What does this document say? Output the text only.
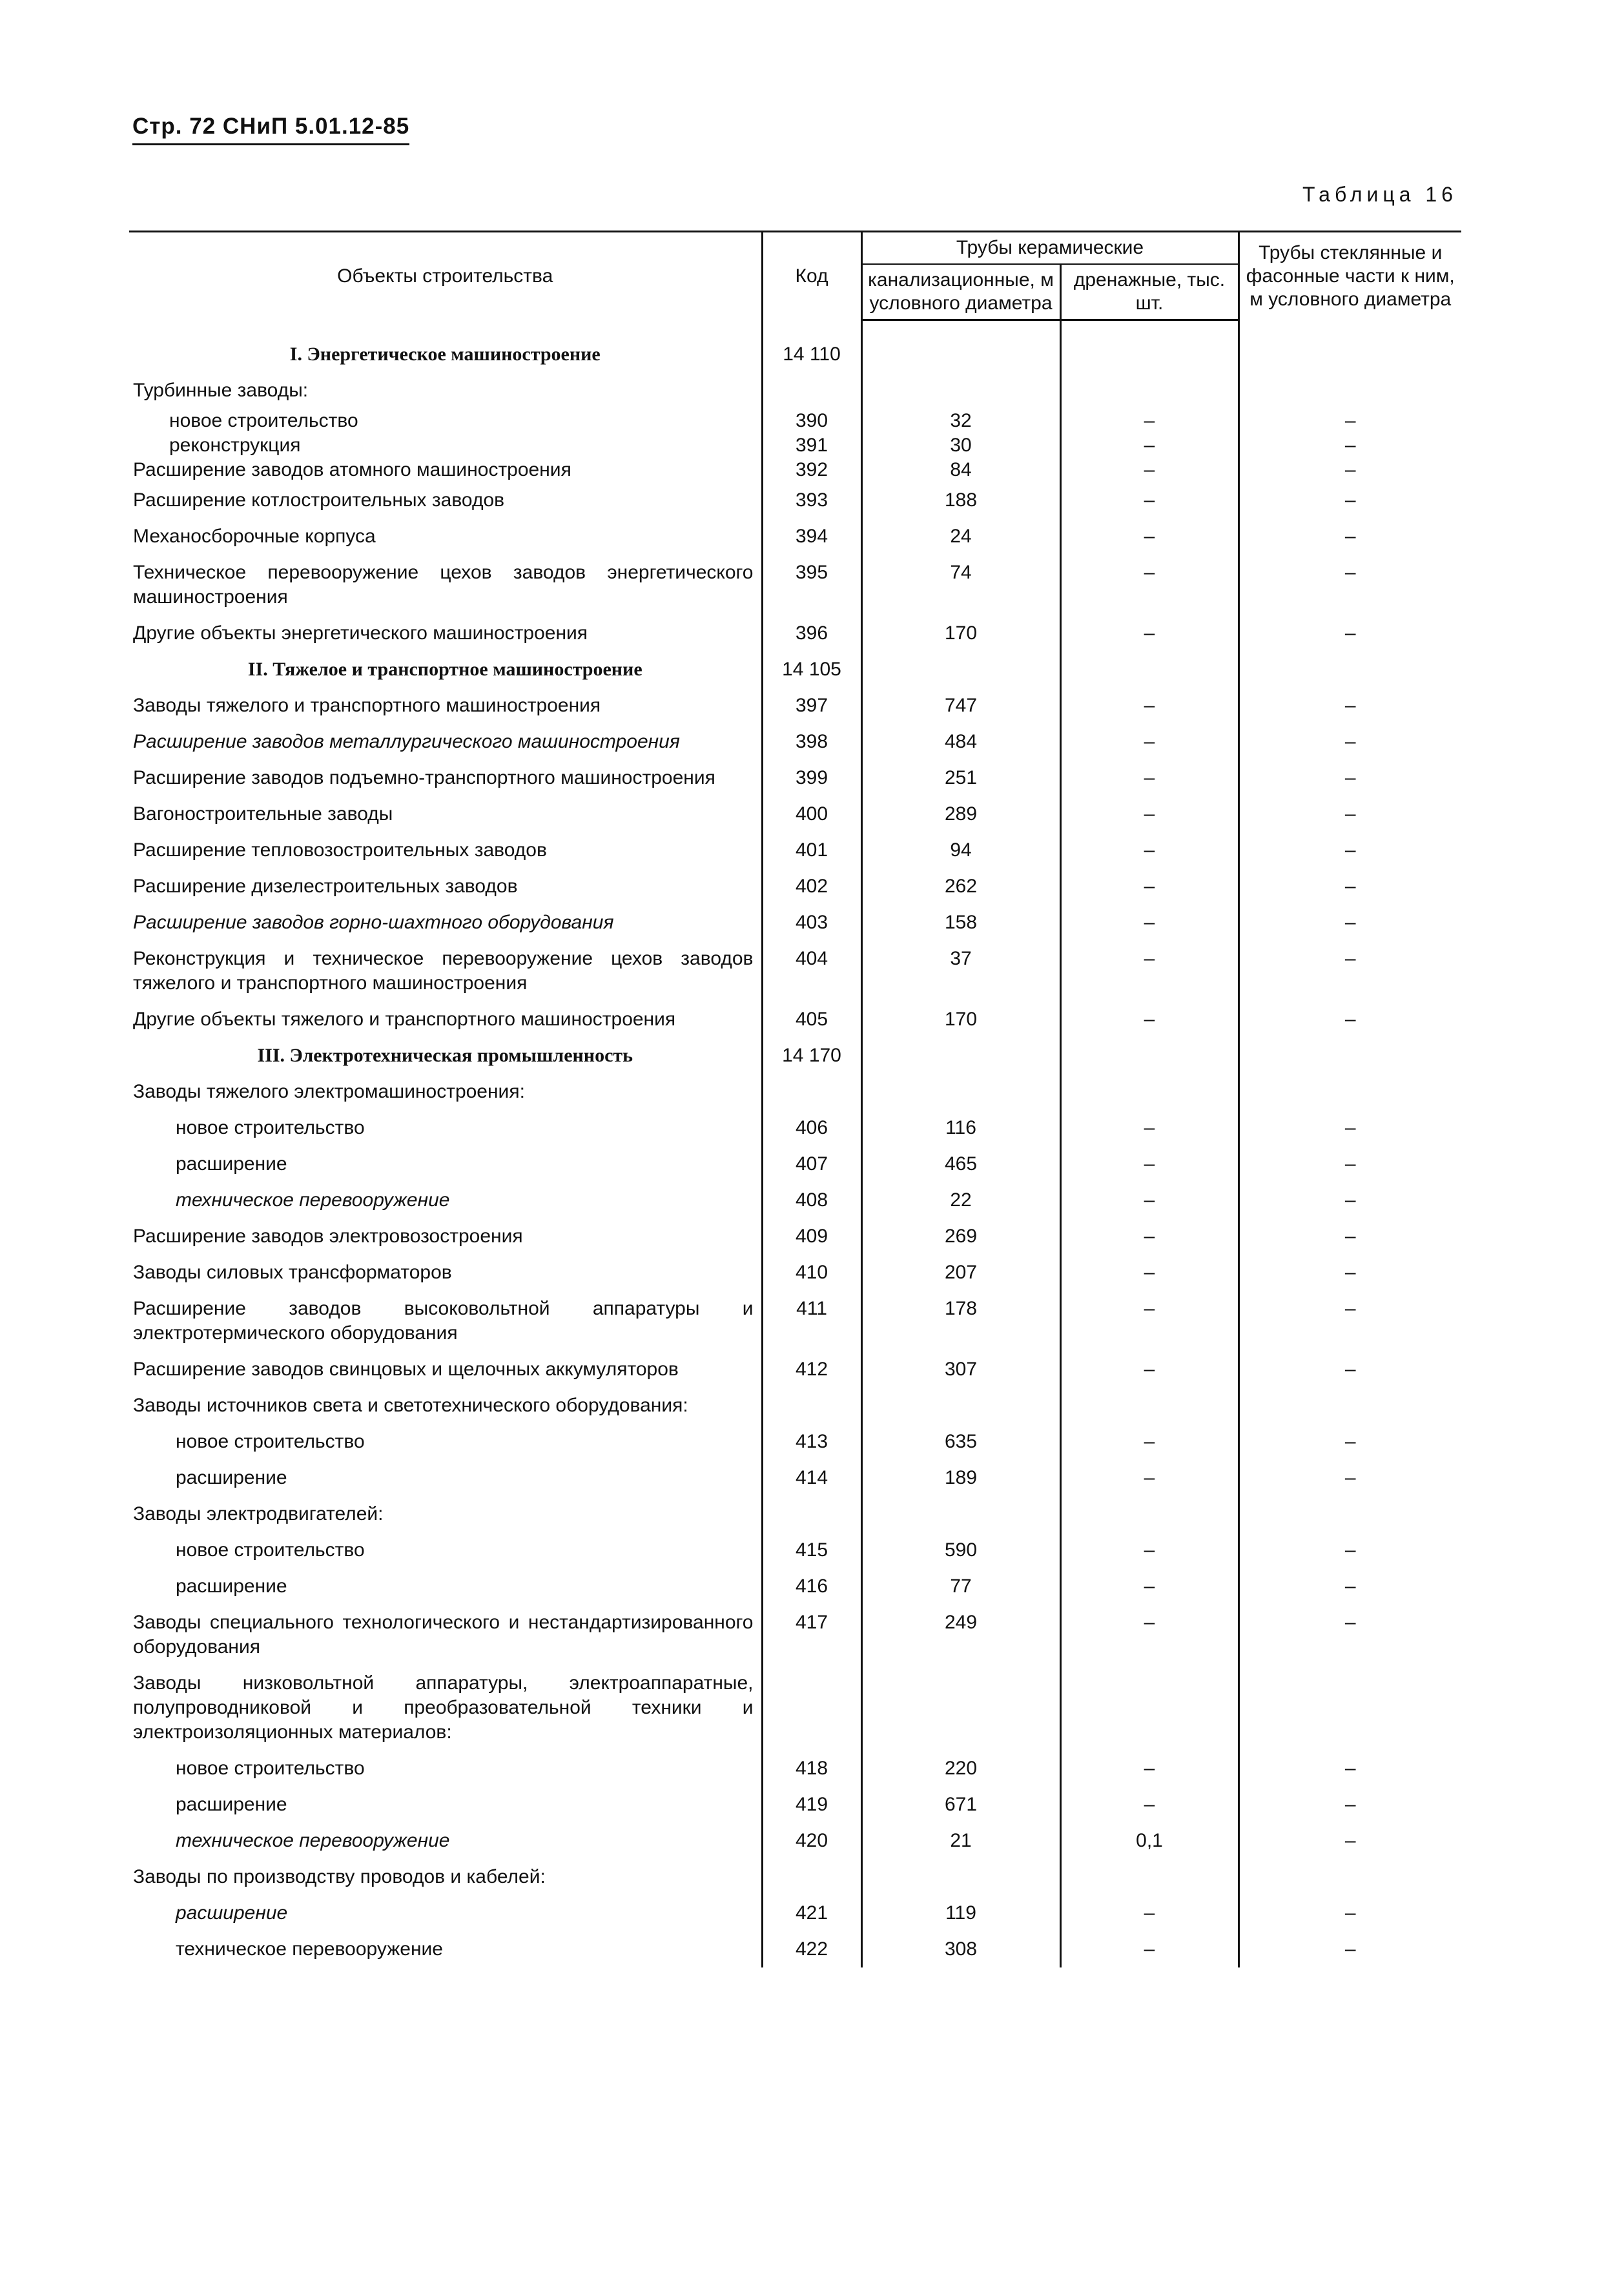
Стр. 72 СНиП 5.01.12-85
Таблица 16
Объекты строительства	Код	Трубы керамические		Трубы стеклянные и фасонные части к ним, м условного диаметра
		канализационные, м условного диаметра	дренажные, тыс. шт.	
I. Энергетическое машиностроение	14 110			
Турбинные заводы:				
новое строительство	390	32	–	–
реконструкция	391	30	–	–
Расширение заводов атомного машиностроения	392	84	–	–
Расширение котлостроительных заводов	393	188	–	–
Механосборочные корпуса	394	24	–	–
Техническое перевооружение цехов заводов энергетического машиностроения	395	74	–	–
Другие объекты энергетического машиностроения	396	170	–	–
II. Тяжелое и транспортное машиностроение	14 105			
Заводы тяжелого и транспортного машиностроения	397	747	–	–
Расширение заводов металлургического машиностроения	398	484	–	–
Расширение заводов подъемно-транспортного машиностроения	399	251	–	–
Вагоностроительные заводы	400	289	–	–
Расширение тепловозостроительных заводов	401	94	–	–
Расширение дизелестроительных заводов	402	262	–	–
Расширение заводов горно-шахтного оборудования	403	158	–	–
Реконструкция и техническое перевооружение цехов заводов тяжелого и транспортного машиностроения	404	37	–	–
Другие объекты тяжелого и транспортного машиностроения	405	170	–	–
III. Электротехническая промышленность	14 170			
Заводы тяжелого электромашиностроения:				
новое строительство	406	116	–	–
расширение	407	465	–	–
техническое перевооружение	408	22	–	–
Расширение заводов электровозостроения	409	269	–	–
Заводы силовых трансформаторов	410	207	–	–
Расширение заводов высоковольтной аппаратуры и электротермического оборудования	411	178	–	–
Расширение заводов свинцовых и щелочных аккумуляторов	412	307	–	–
Заводы источников света и светотехнического оборудования:				
новое строительство	413	635	–	–
расширение	414	189	–	–
Заводы электродвигателей:				
новое строительство	415	590	–	–
расширение	416	77	–	–
Заводы специального технологического и нестандартизированного оборудования	417	249	–	–
Заводы низковольтной аппаратуры, электроаппаратные, полупроводниковой и преобразовательной техники и электроизоляционных материалов:				
новое строительство	418	220	–	–
расширение	419	671	–	–
техническое перевооружение	420	21	0,1	–
Заводы по производству проводов и кабелей:				
расширение	421	119	–	–
техническое перевооружение	422	308	–	–
